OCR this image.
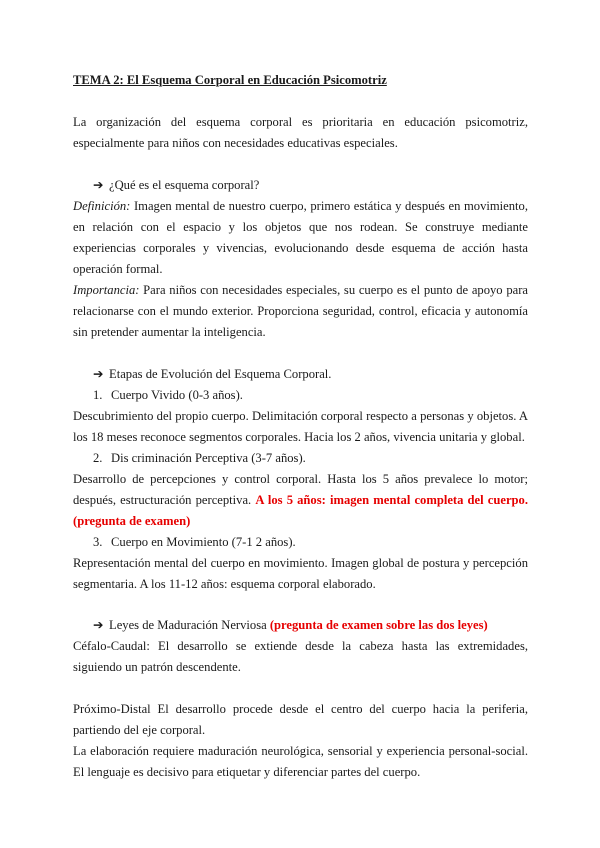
TEMA 2: El Esquema Corporal en Educación Psicomotriz
La organización del esquema corporal es prioritaria en educación psicomotriz, especialmente para niños con necesidades educativas especiales.
➔ ¿Qué es el esquema corporal?
Definición: Imagen mental de nuestro cuerpo, primero estática y después en movimiento, en relación con el espacio y los objetos que nos rodean. Se construye mediante experiencias corporales y vivencias, evolucionando desde esquema de acción hasta operación formal.
Importancia: Para niños con necesidades especiales, su cuerpo es el punto de apoyo para relacionarse con el mundo exterior. Proporciona seguridad, control, eficacia y autonomía sin pretender aumentar la inteligencia.
➔ Etapas de Evolución del Esquema Corporal.
1. Cuerpo Vivido (0-3 años).
Descubrimiento del propio cuerpo. Delimitación corporal respecto a personas y objetos. A los 18 meses reconoce segmentos corporales. Hacia los 2 años, vivencia unitaria y global.
2. Dis criminación Perceptiva (3-7 años).
Desarrollo de percepciones y control corporal. Hasta los 5 años prevalece lo motor; después, estructuración perceptiva. A los 5 años: imagen mental completa del cuerpo.(pregunta de examen)
3. Cuerpo en Movimiento (7-1 2 años).
Representación mental del cuerpo en movimiento. Imagen global de postura y percepción segmentaria. A los 11-12 años: esquema corporal elaborado.
➔ Leyes de Maduración Nerviosa (pregunta de examen sobre las dos leyes)
Céfalo-Caudal: El desarrollo se extiende desde la cabeza hasta las extremidades, siguiendo un patrón descendente.
Próximo-Distal El desarrollo procede desde el centro del cuerpo hacia la periferia, partiendo del eje corporal.
La elaboración requiere maduración neurológica, sensorial y experiencia personal-social. El lenguaje es decisivo para etiquetar y diferenciar partes del cuerpo.
